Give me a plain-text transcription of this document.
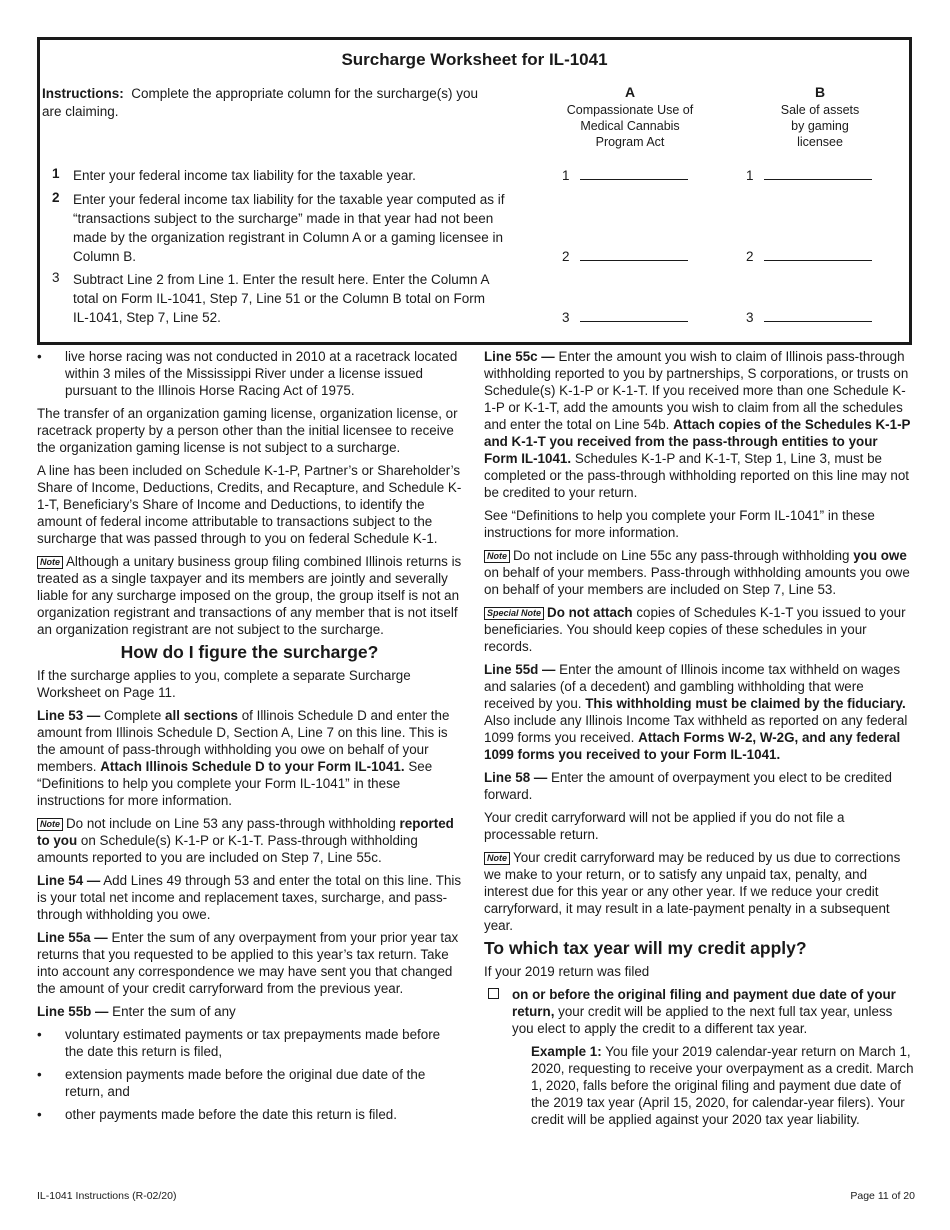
Surcharge Worksheet for IL-1041
Instructions: Complete the appropriate column for the surcharge(s) you are claiming.
A
Compassionate Use of Medical Cannabis Program Act
B
Sale of assets by gaming licensee
1 Enter your federal income tax liability for the taxable year.	1	1
2 Enter your federal income tax liability for the taxable year computed as if “transactions subject to the surcharge” made in that year had not been made by the organization registrant in Column A or a gaming licensee in Column B.	2	2
3 Subtract Line 2 from Line 1. Enter the result here. Enter the Column A total on Form IL-1041, Step 7, Line 51 or the Column B total on Form IL-1041, Step 7, Line 52.	3	3
• live horse racing was not conducted in 2010 at a racetrack located within 3 miles of the Mississippi River under a license issued pursuant to the Illinois Horse Racing Act of 1975.

The transfer of an organization gaming license, organization license, or racetrack property by a person other than the initial licensee to receive the organization gaming license is not subject to a surcharge.

A line has been included on Schedule K-1-P, Partner’s or Shareholder’s Share of Income, Deductions, Credits, and Recapture, and Schedule K-1-T, Beneficiary’s Share of Income and Deductions, to identify the amount of federal income attributable to transactions subject to the surcharge that was passed through to you on federal Schedule K-1.

Note Although a unitary business group filing combined Illinois returns is treated as a single taxpayer and its members are jointly and severally liable for any surcharge imposed on the group, the group itself is not an organization registrant and transactions of any member that is not itself an organization registrant are not subject to the surcharge.

How do I figure the surcharge?

If the surcharge applies to you, complete a separate Surcharge Worksheet on Page 11.

Line 53 — Complete all sections of Illinois Schedule D and enter the amount from Illinois Schedule D, Section A, Line 7 on this line. This is the amount of pass-through withholding you owe on behalf of your members. Attach Illinois Schedule D to your Form IL-1041. See “Definitions to help you complete your Form IL-1041” in these instructions for more information.

Note Do not include on Line 53 any pass-through withholding reported to you on Schedule(s) K-1-P or K-1-T. Pass-through withholding amounts reported to you are included on Step 7, Line 55c.

Line 54 — Add Lines 49 through 53 and enter the total on this line. This is your total net income and replacement taxes, surcharge, and pass-through withholding you owe.

Line 55a — Enter the sum of any overpayment from your prior year tax returns that you requested to be applied to this year’s tax return. Take into account any correspondence we may have sent you that changed the amount of your credit carryforward from the previous year.

Line 55b — Enter the sum of any

• voluntary estimated payments or tax prepayments made before the date this return is filed,
• extension payments made before the original due date of the return, and
• other payments made before the date this return is filed.

Line 55c — Enter the amount you wish to claim of Illinois pass-through withholding reported to you by partnerships, S corporations, or trusts on Schedule(s) K-1-P or K-1-T. If you received more than one Schedule K-1-P or K-1-T, add the amounts you wish to claim from all the schedules and enter the total on Line 54b. Attach copies of the Schedules K-1-P and K-1-T you received from the pass-through entities to your Form IL-1041. Schedules K-1-P and K-1-T, Step 1, Line 3, must be completed or the pass-through withholding reported on this line may not be credited to your return.

See “Definitions to help you complete your Form IL-1041” in these instructions for more information.

Note Do not include on Line 55c any pass-through withholding you owe on behalf of your members. Pass-through withholding amounts you owe on behalf of your members are included on Step 7, Line 53.

Special Note Do not attach copies of Schedules K-1-T you issued to your beneficiaries. You should keep copies of these schedules in your records.

Line 55d — Enter the amount of Illinois income tax withheld on wages and salaries (of a decedent) and gambling withholding that were received by you. This withholding must be claimed by the fiduciary. Also include any Illinois Income Tax withheld as reported on any federal 1099 forms you received. Attach Forms W-2, W-2G, and any federal 1099 forms you received to your Form IL-1041.

Line 58 — Enter the amount of overpayment you elect to be credited forward.

Your credit carryforward will not be applied if you do not file a processable return.

Note Your credit carryforward may be reduced by us due to corrections we make to your return, or to satisfy any unpaid tax, penalty, and interest due for this year or any other year. If we reduce your credit carryforward, it may result in a late-payment penalty in a subsequent year.

To which tax year will my credit apply?

If your 2019 return was filed

on or before the original filing and payment due date of your return, your credit will be applied to the next full tax year, unless you elect to apply the credit to a different tax year.
Example 1: You file your 2019 calendar-year return on March 1, 2020, requesting to receive your overpayment as a credit. March 1, 2020, falls before the original filing and payment due date of the 2019 tax year (April 15, 2020, for calendar-year filers). Your credit will be applied against your 2020 tax year liability.
IL-1041 Instructions (R-02/20)	Page 11 of 20
